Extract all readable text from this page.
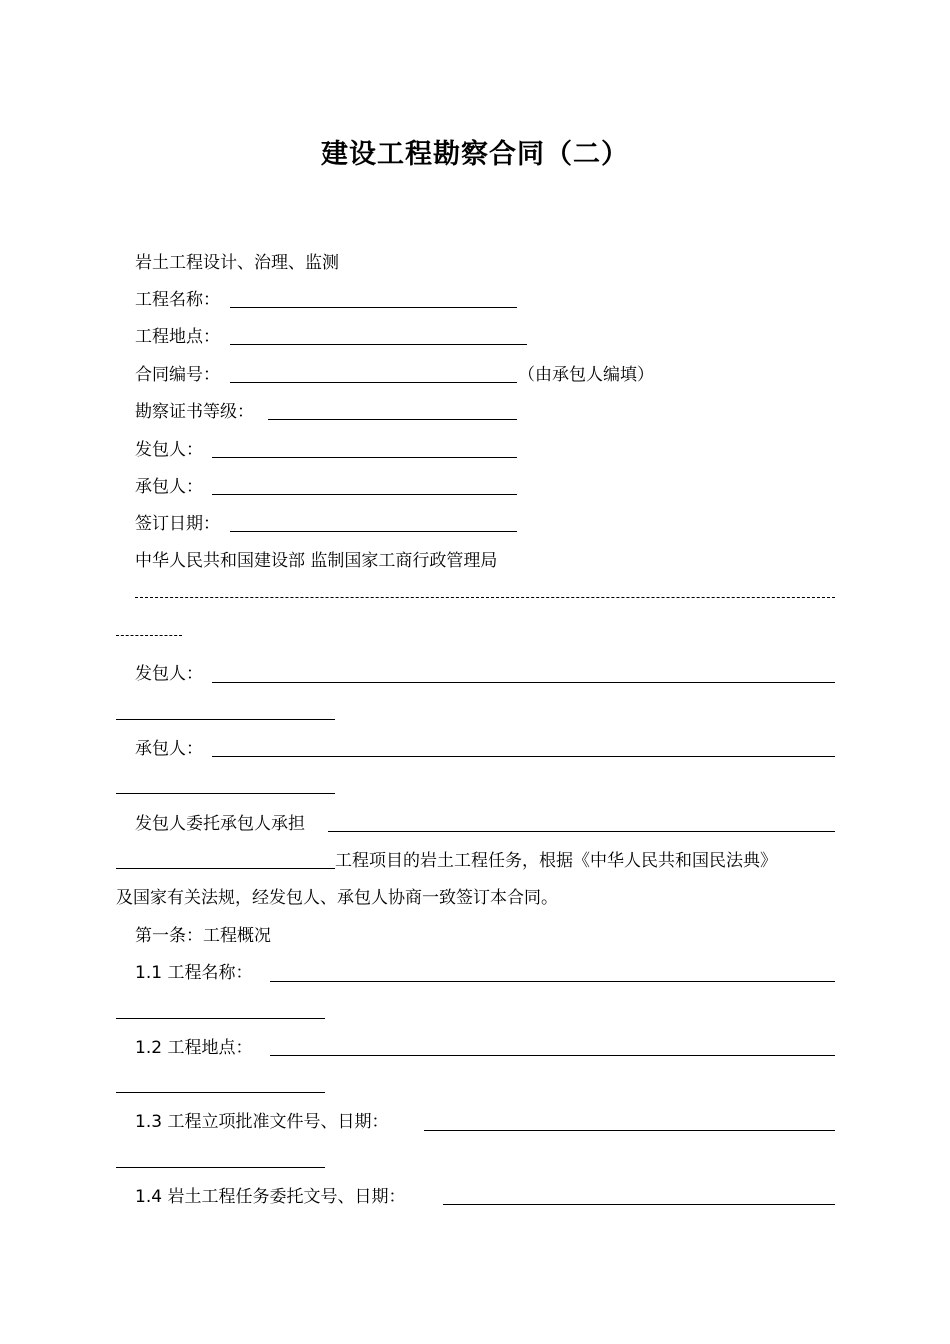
建设工程勘察合同（二）
岩土工程设计、治理、监测
工程名称：
工程地点：
合同编号：	（由承包人编填）
勘察证书等级：
发包人：
承包人：
签订日期：
中华人民共和国建设部 监制国家工商行政管理局
发包人：
承包人：
发包人委托承包人承担
工程项目的岩土工程任务，根据《中华人民共和国民法典》
及国家有关法规，经发包人、承包人协商一致签订本合同。
第一条：工程概况
1.1 工程名称：
1.2 工程地点：
1.3 工程立项批准文件号、日期：
1.4 岩土工程任务委托文号、日期：
